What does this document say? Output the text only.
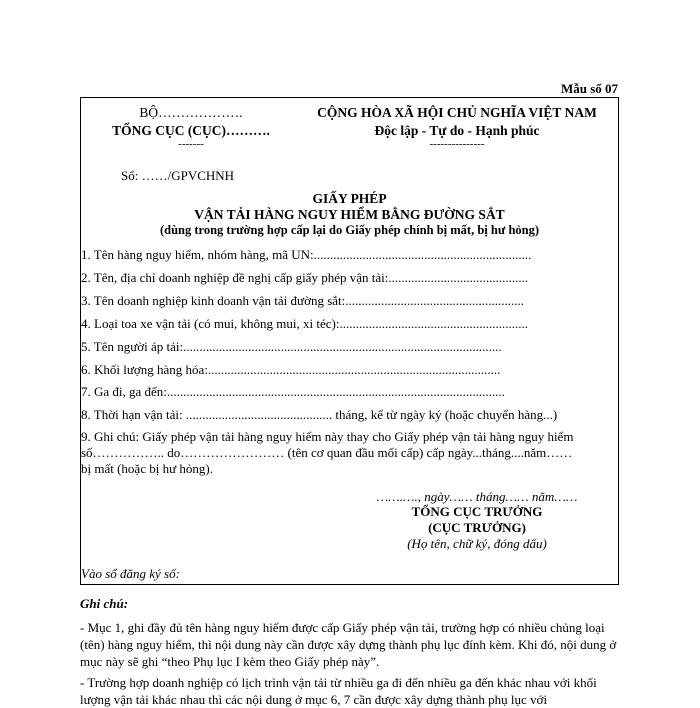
Mẫu số 07
BỘ……………….
TỔNG CỤC (CỤC)……….
-------
CỘNG HÒA XÃ HỘI CHỦ NGHĨA VIỆT NAM
Độc lập - Tự do - Hạnh phúc
---------------
Số: ……/GPVCHNH
GIẤY PHÉP
VẬN TẢI HÀNG NGUY HIỂM BẰNG ĐƯỜNG SẮT
(dùng trong trường hợp cấp lại do Giấy phép chính bị mất, bị hư hỏng)
1. Tên hàng nguy hiểm, nhóm hàng, mã UN:...................................................................
2. Tên, địa chỉ doanh nghiệp đề nghị cấp giấy phép vận tải:...........................................
3. Tên doanh nghiệp kinh doanh vận tải đường sắt:.......................................................
4. Loại toa xe vận tải (có mui, không mui, xi téc):..........................................................
5. Tên người áp tải:..................................................................................................
6. Khối lượng hàng hóa:..........................................................................................
7. Ga đi, ga đến:........................................................................................................
8. Thời hạn vận tải: ............................................. tháng, kể từ ngày ký (hoặc chuyển hàng...)
9. Ghi chú: Giấy phép vận tải hàng nguy hiểm này thay cho Giấy phép vận tải hàng nguy hiểm
số…………….. do…………………… (tên cơ quan đầu mối cấp) cấp ngày...tháng....năm……
bị mất (hoặc bị hư hỏng).
…….…., ngày…… tháng…… năm……
TỔNG CỤC TRƯỞNG
(CỤC TRƯỞNG)
(Họ tên, chữ ký, đóng dấu)
Vào sổ đăng ký số:
Ghi chú:
- Mục 1, ghi đầy đủ tên hàng nguy hiểm được cấp Giấy phép vận tải, trường hợp có nhiều chủng loại (tên) hàng nguy hiểm, thì nội dung này cần được xây dựng thành phụ lục đính kèm. Khi đó, nội dung ở mục này sẽ ghi “theo Phụ lục I kèm theo Giấy phép này”.
- Trường hợp doanh nghiệp có lịch trình vận tải từ nhiều ga đi đến nhiều ga đến khác nhau với khối lượng vận tải khác nhau thì các nội dung ở mục 6, 7 cần được xây dựng thành phụ lục với
